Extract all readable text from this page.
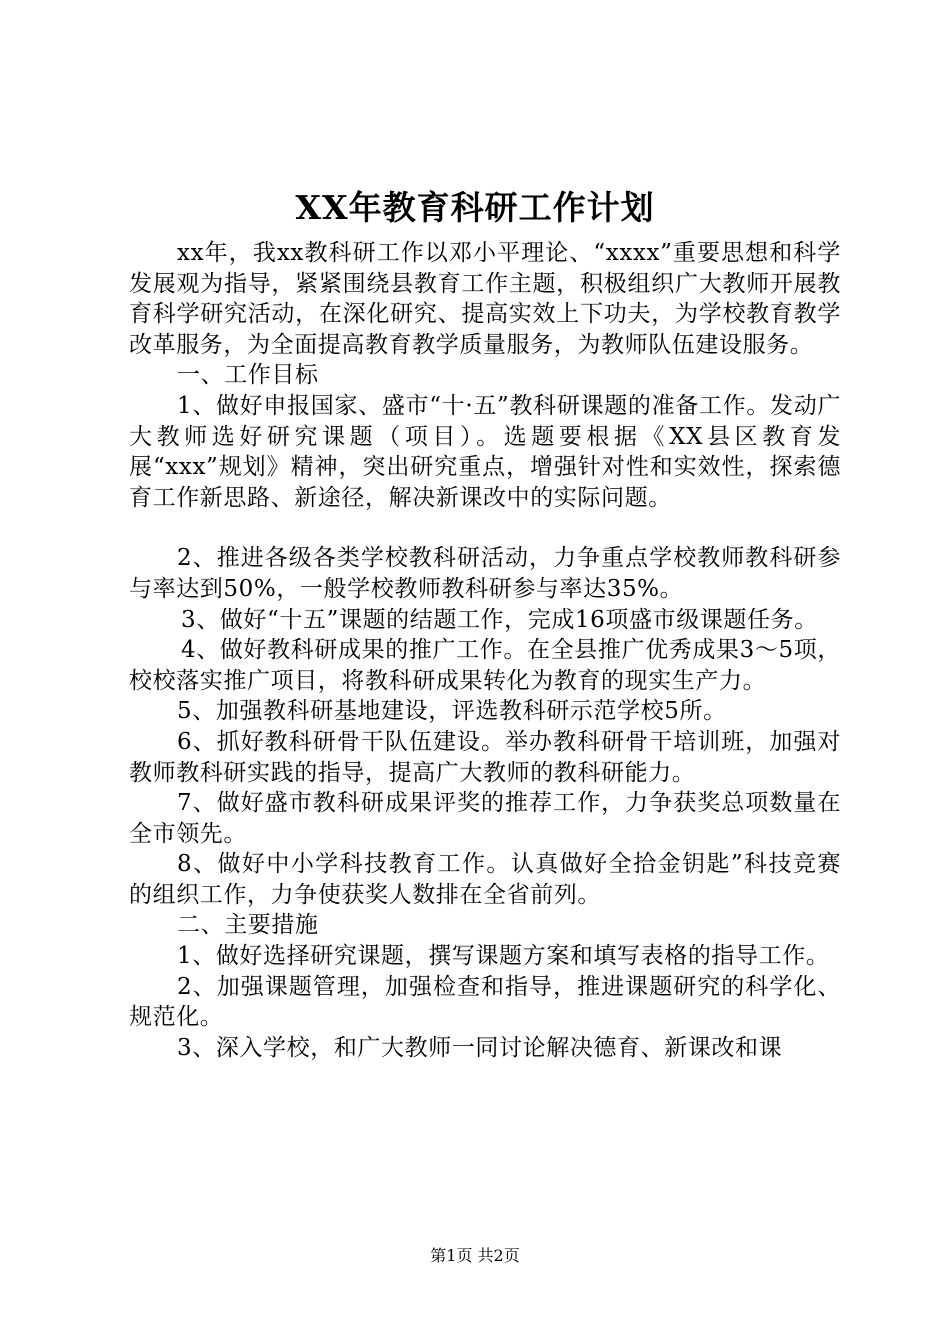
XX年教育科研工作计划

xx年，我xx教科研工作以邓小平理论、“xxxx”重要思想和科学发展观为指导，紧紧围绕县教育工作主题，积极组织广大教师开展教育科学研究活动，在深化研究、提高实效上下功夫，为学校教育教学改革服务，为全面提高教育教学质量服务，为教师队伍建设服务。

一、工作目标

1、做好申报国家、盛市“十·五”教科研课题的准备工作。发动广大教师选好研究课题（项目）。选题要根据《XX县区教育发展“xxx”规划》精神，突出研究重点，增强针对性和实效性，探索德育工作新思路、新途径，解决新课改中的实际问题。

2、推进各级各类学校教科研活动，力争重点学校教师教科研参与率达到50%，一般学校教师教科研参与率达35%。

3、做好“十五”课题的结题工作，完成16项盛市级课题任务。

4、做好教科研成果的推广工作。在全县推广优秀成果3～5项，校校落实推广项目，将教科研成果转化为教育的现实生产力。

5、加强教科研基地建设，评选教科研示范学校5所。

6、抓好教科研骨干队伍建设。举办教科研骨干培训班，加强对教师教科研实践的指导，提高广大教师的教科研能力。

7、做好盛市教科研成果评奖的推荐工作，力争获奖总项数量在全市领先。

8、做好中小学科技教育工作。认真做好全拾金钥匙”科技竞赛的组织工作，力争使获奖人数排在全省前列。

二、主要措施

1、做好选择研究课题，撰写课题方案和填写表格的指导工作。

2、加强课题管理，加强检查和指导，推进课题研究的科学化、规范化。

3、深入学校，和广大教师一同讨论解决德育、新课改和课

第1页 共2页
